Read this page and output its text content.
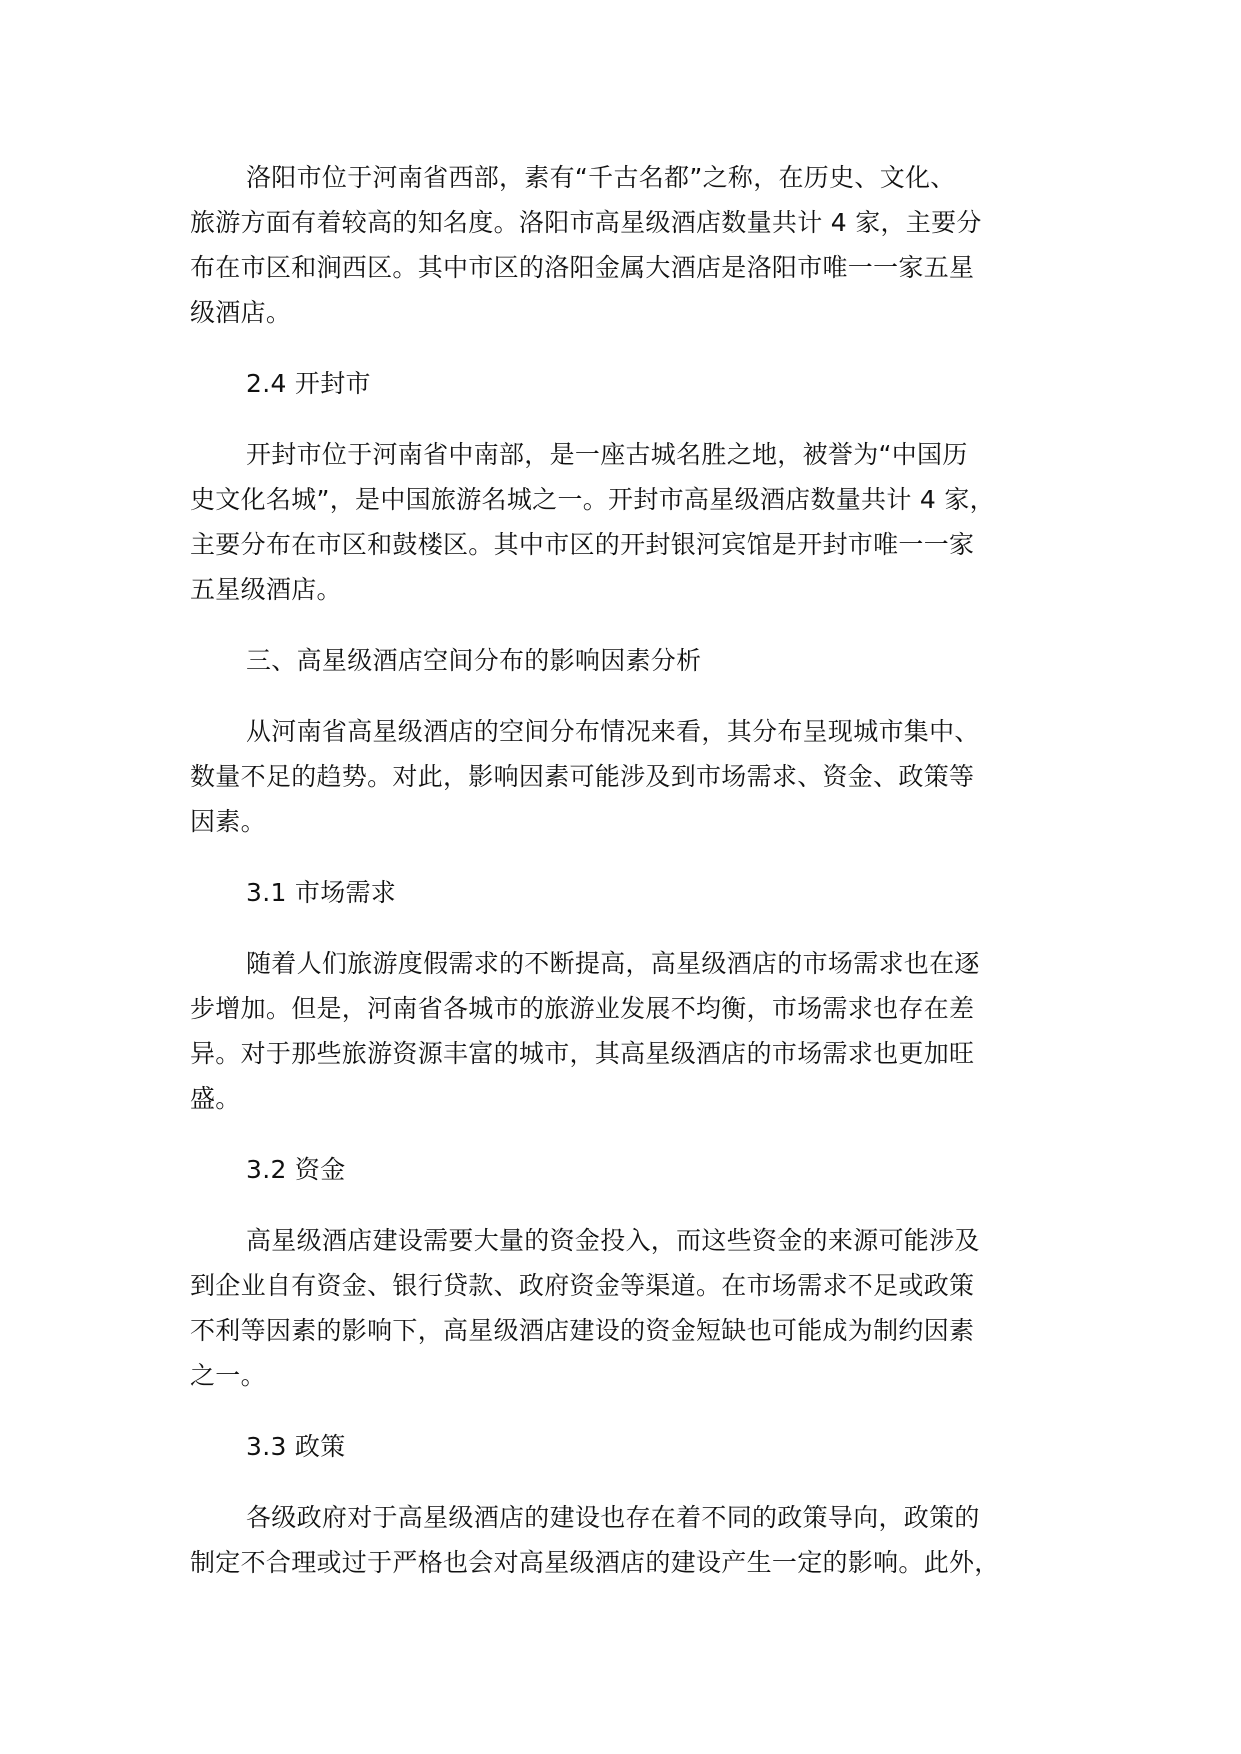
洛阳市位于河南省西部，素有“千古名都”之称，在历史、文化、
旅游方面有着较高的知名度。洛阳市高星级酒店数量共计 4 家，主要分
布在市区和涧西区。其中市区的洛阳金属大酒店是洛阳市唯一一家五星
级酒店。

2.4 开封市

开封市位于河南省中南部，是一座古城名胜之地，被誉为“中国历
史文化名城”，是中国旅游名城之一。开封市高星级酒店数量共计 4 家，
主要分布在市区和鼓楼区。其中市区的开封银河宾馆是开封市唯一一家
五星级酒店。

三、高星级酒店空间分布的影响因素分析

从河南省高星级酒店的空间分布情况来看，其分布呈现城市集中、
数量不足的趋势。对此，影响因素可能涉及到市场需求、资金、政策等
因素。

3.1 市场需求

随着人们旅游度假需求的不断提高，高星级酒店的市场需求也在逐
步增加。但是，河南省各城市的旅游业发展不均衡，市场需求也存在差
异。对于那些旅游资源丰富的城市，其高星级酒店的市场需求也更加旺
盛。

3.2 资金

高星级酒店建设需要大量的资金投入，而这些资金的来源可能涉及
到企业自有资金、银行贷款、政府资金等渠道。在市场需求不足或政策
不利等因素的影响下，高星级酒店建设的资金短缺也可能成为制约因素
之一。

3.3 政策

各级政府对于高星级酒店的建设也存在着不同的政策导向，政策的
制定不合理或过于严格也会对高星级酒店的建设产生一定的影响。此外，
